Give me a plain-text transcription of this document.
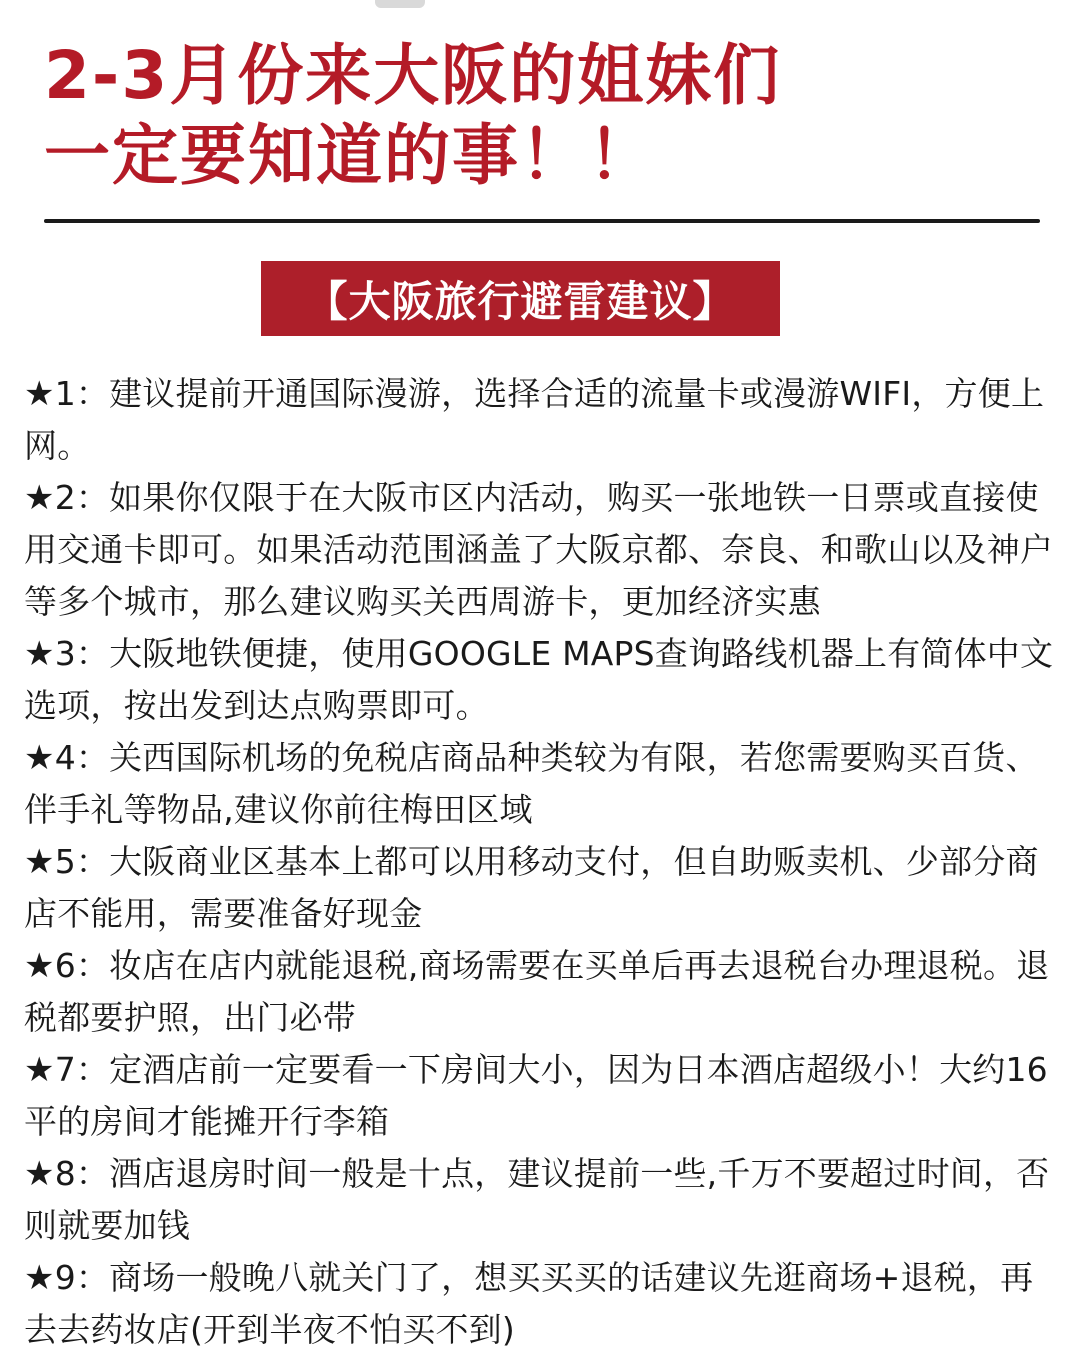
2-3月份来大阪的姐妹们
一定要知道的事！！
【大阪旅行避雷建议】
★1：建议提前开通国际漫游，选择合适的流量卡或漫游WIFI，方便上网。
★2：如果你仅限于在大阪市区内活动，购买一张地铁一日票或直接使用交通卡即可。如果活动范围涵盖了大阪京都、奈良、和歌山以及神户等多个城市，那么建议购买关西周游卡，更加经济实惠
★3：大阪地铁便捷，使用GOOGLE MAPS查询路线机器上有简体中文选项，按出发到达点购票即可。
★4：关西国际机场的免税店商品种类较为有限，若您需要购买百货、伴手礼等物品,建议你前往梅田区域
★5：大阪商业区基本上都可以用移动支付，但自助贩卖机、少部分商店不能用，需要准备好现金
★6：妆店在店内就能退税,商场需要在买单后再去退税台办理退税。退税都要护照，出门必带
★7：定酒店前一定要看一下房间大小，因为日本酒店超级小！大约16平的房间才能摊开行李箱
★8：酒店退房时间一般是十点，建议提前一些,千万不要超过时间，否则就要加钱
★9：商场一般晚八就关门了，想买买买的话建议先逛商场+退税，再去去药妆店(开到半夜不怕买不到)
